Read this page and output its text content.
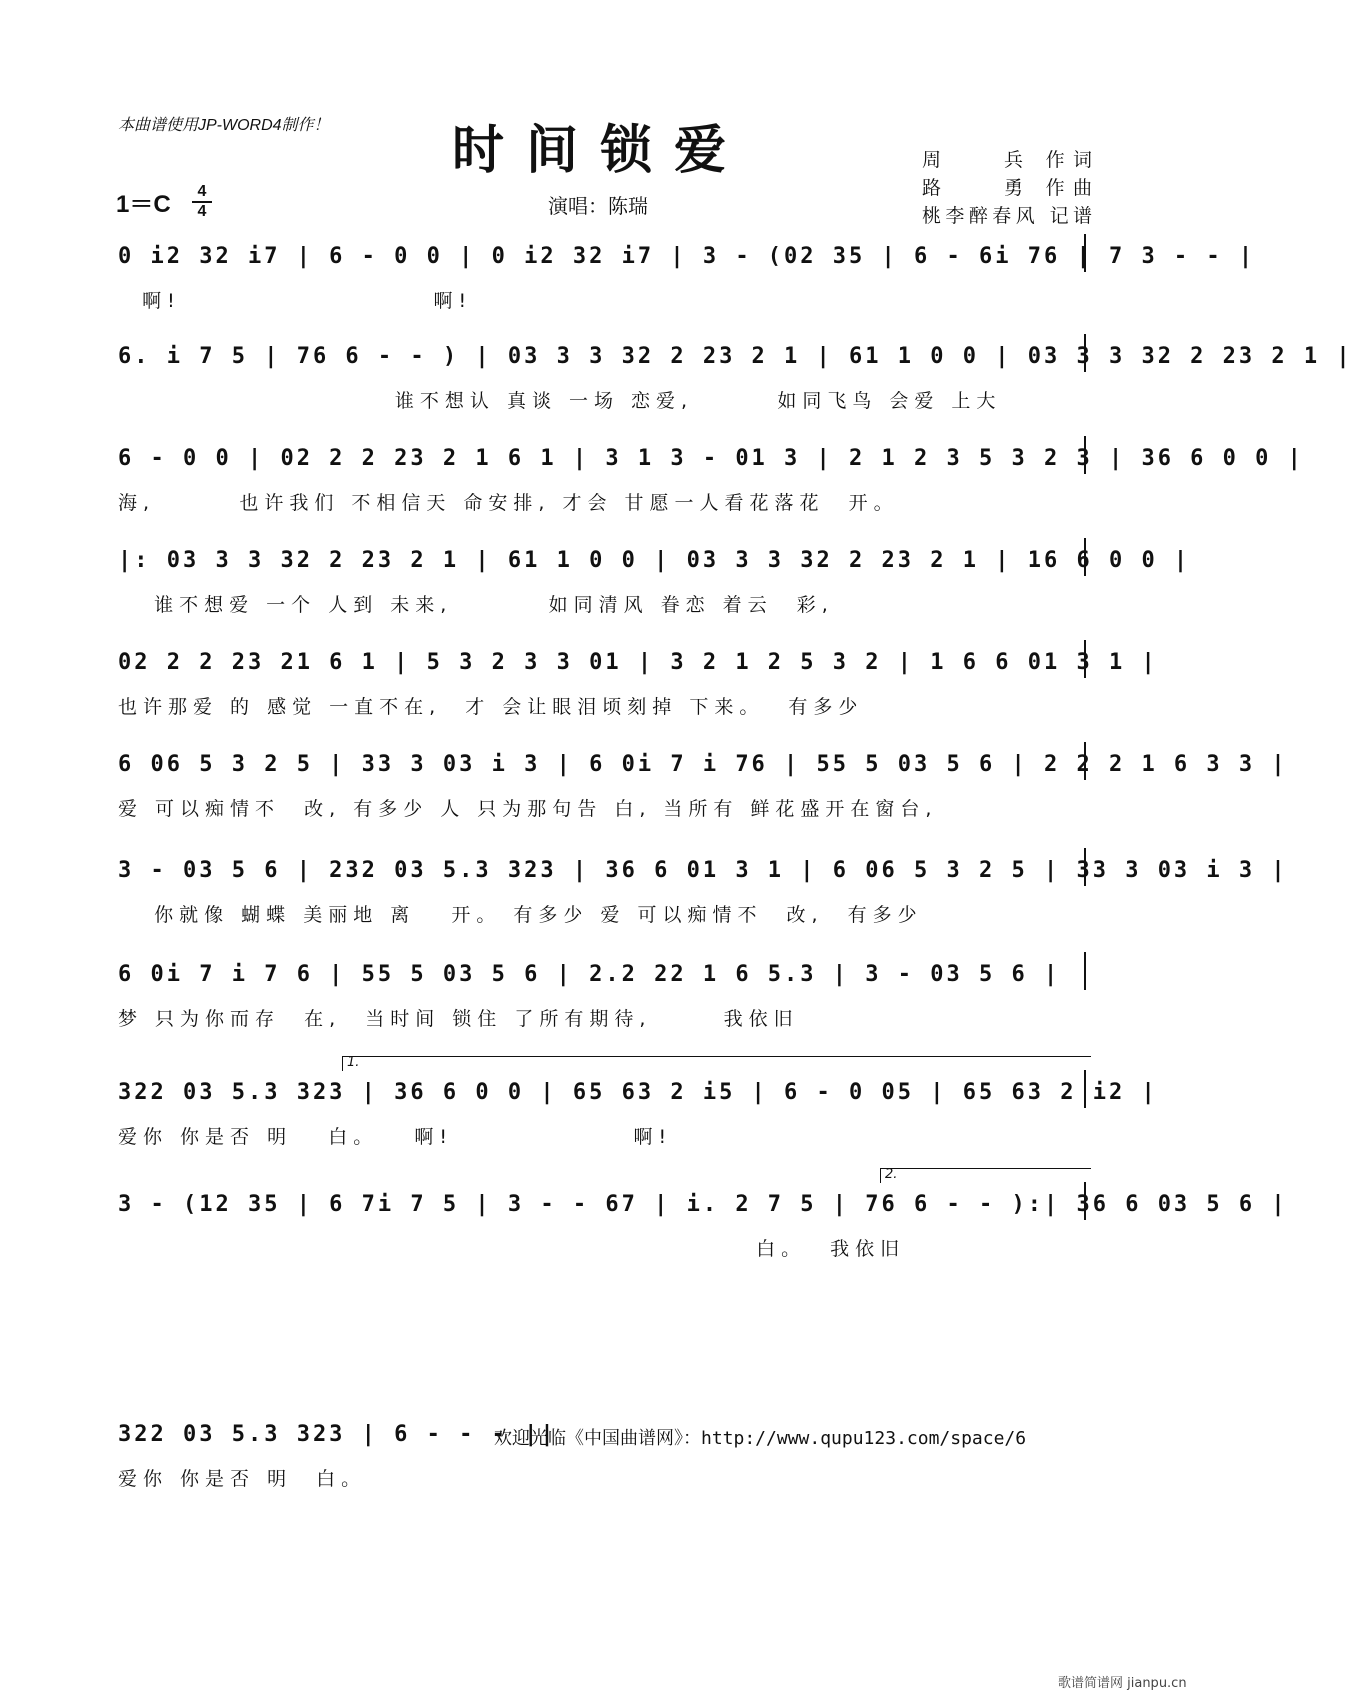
本曲谱使用JP-WORD4制作！	时间锁爱
1＝C	4
4	演唱：陈瑞
周　　兵 作词
路　　勇 作曲
桃李醉春风 记谱
0 i2 32 i7 | 6 - 0 0 | 0 i2 32 i7 | 3 - (02 35 | 6 - 6i 76 | 7 3 - - |
啊!                     啊!
6. i 7 5 | 76 6 - - ) | 03 3 3 32 2 23 2 1 | 61 1 0 0 | 03 3 3 32 2 23 2 1 |
谁不想认 真谈 一场 恋爱,       如同飞鸟 会爱 上大
6 - 0 0 | 02 2 2 23 2 1 6 1 | 3 1 3 - 01 3 | 2 1 2 3 5 3 2 3 | 36 6 0 0 |
海,       也许我们 不相信天 命安排, 才会 甘愿一人看花落花  开。
|: 03 3 3 32 2 23 2 1 | 61 1 0 0 | 03 3 3 32 2 23 2 1 | 16 6 0 0 |
谁不想爱 一个 人到 未来,        如同清风 眷恋 着云  彩,
02 2 2 23 21 6 1 | 5 3 2 3 3 01 | 3 2 1 2 5 3 2 | 1 6 6 01 3 1 |
也许那爱 的 感觉 一直不在,  才 会让眼泪顷刻掉 下来。  有多少
6 06 5 3 2 5 | 33 3 03 i 3 | 6 0i 7 i 76 | 55 5 03 5 6 | 2 2 2 1 6 3 3 |
爱 可以痴情不  改, 有多少 人 只为那句告 白, 当所有 鲜花盛开在窗台,
3 - 03 5 6 | 232 03 5.3 323 | 36 6 01 3 1 | 6 06 5 3 2 5 | 33 3 03 i 3 |
你就像 蝴蝶 美丽地 离   开。 有多少 爱 可以痴情不  改,  有多少
6 0i 7 i 7 6 | 55 5 03 5 6 | 2.2 22 1 6 5.3 | 3 - 03 5 6 |
梦 只为你而存  在,  当时间 锁住 了所有期待,      我依旧
1.
322 03 5.3 323 | 36 6 0 0 | 65 63 2 i5 | 6 - 0 05 | 65 63 2 i2 |
爱你 你是否 明   白。   啊!               啊!
2.
3 - (12 35 | 6 7i 7 5 | 3 - - 67 | i. 2 7 5 | 76 6 - - ):| 36 6 03 5 6 |
白。  我依旧
322 03 5.3 323 | 6 - - - ||
爱你 你是否 明  白。
欢迎光临《中国曲谱网》：http://www.qupu123.com/space/6
歌谱简谱网 jianpu.cn
